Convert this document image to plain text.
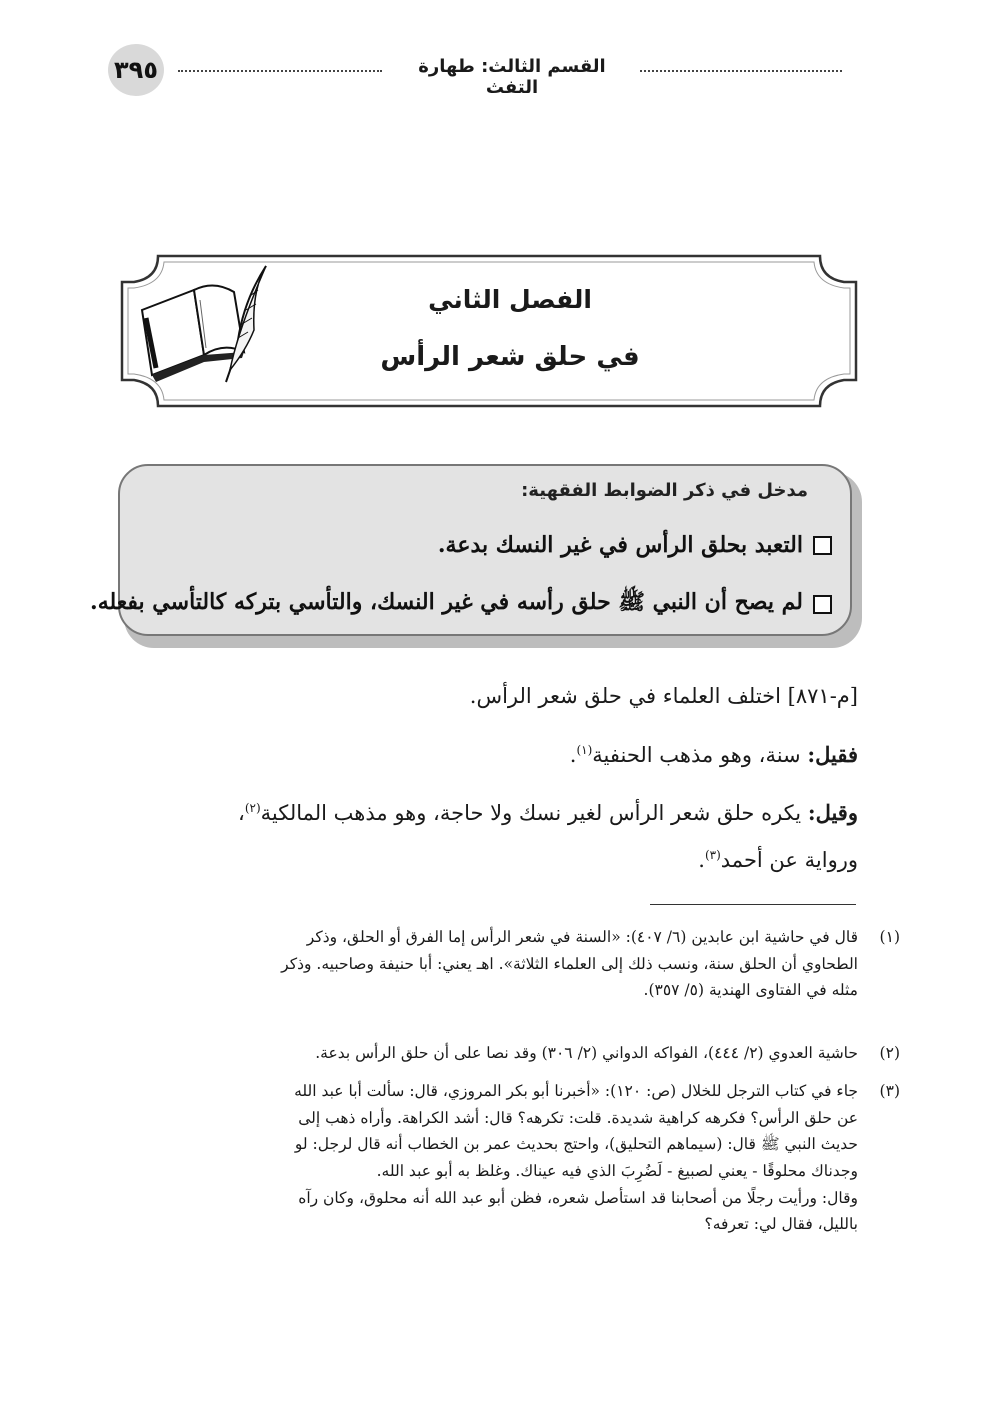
٣٩٥	القسم الثالث: طهارة التفث
الفصل الثاني
في حلق شعر الرأس
مدخل في ذكر الضوابط الفقهية:
التعبد بحلق الرأس في غير النسك بدعة.
لم يصح أن النبي ﷺ حلق رأسه في غير النسك، والتأسي بتركه كالتأسي بفعله.
[م-٨٧١] اختلف العلماء في حلق شعر الرأس.
فقيل: سنة، وهو مذهب الحنفية$^{(١)}$.
وقيل: يكره حلق شعر الرأس لغير نسك ولا حاجة، وهو مذهب المالكية$^{(٢)}$،
ورواية عن أحمد$^{(٣)}$.
(١)
قال في حاشية ابن عابدين (٦/ ٤٠٧): «السنة في شعر الرأس إما الفرق أو الحلق، وذكر
الطحاوي أن الحلق سنة، ونسب ذلك إلى العلماء الثلاثة». اهـ يعني: أبا حنيفة وصاحبيه. وذكر
مثله في الفتاوى الهندية (٥/ ٣٥٧).
(٢)
حاشية العدوي (٢/ ٤٤٤)، الفواكه الدواني (٢/ ٣٠٦) وقد نصا على أن حلق الرأس بدعة.
(٣)
جاء في كتاب الترجل للخلال (ص: ١٢٠): «أخبرنا أبو بكر المروزي، قال: سألت أبا عبد الله
عن حلق الرأس؟ فكرهه كراهية شديدة. قلت: تكرهه؟ قال: أشد الكراهة. وأراه ذهب إلى
حديث النبي ﷺ قال: (سيماهم التحليق)، واحتج بحديث عمر بن الخطاب أنه قال لرجل: لو
وجدناك محلوقًا - يعني لصبيغ - لَضُرِبَ الذي فيه عيناك. وغلظ به أبو عبد الله.
وقال: ورأيت رجلًا من أصحابنا قد استأصل شعره، فظن أبو عبد الله أنه محلوق، وكان رآه
بالليل، فقال لي: تعرفه؟
